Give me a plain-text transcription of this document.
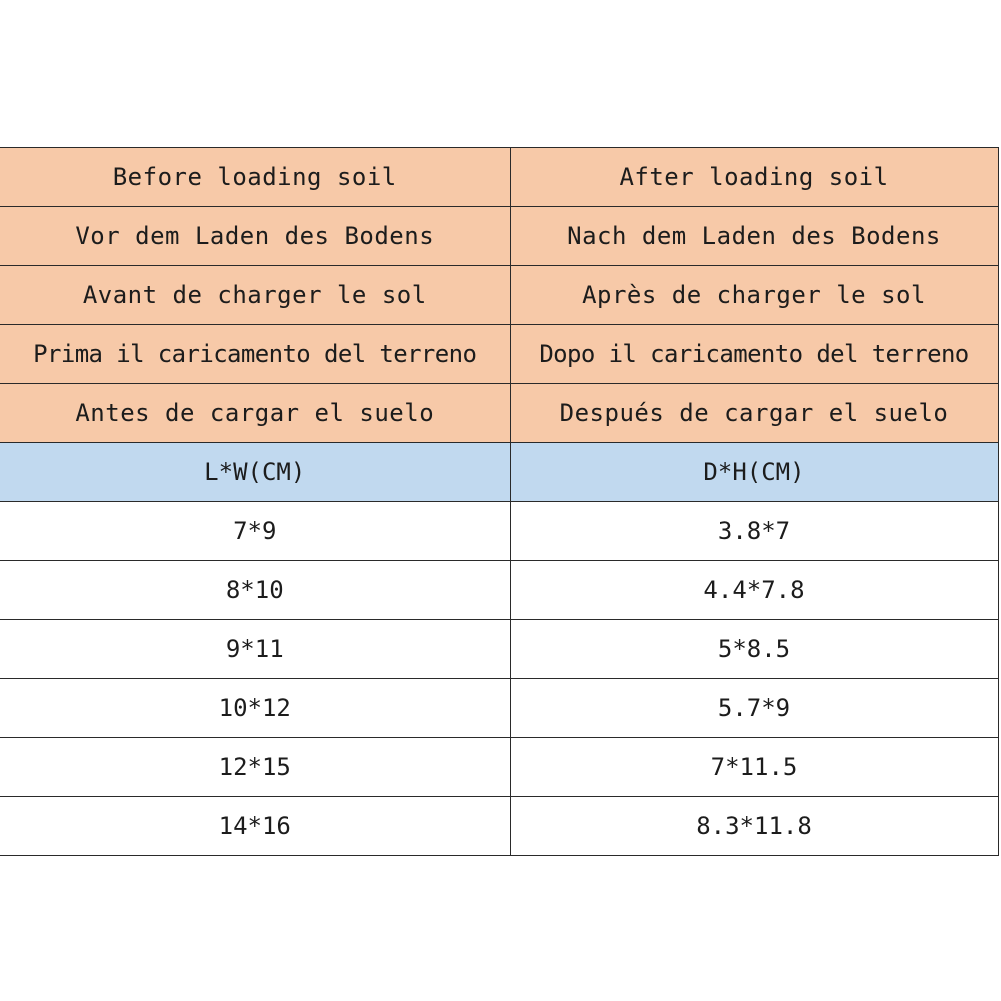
Before loading soil	After loading soil
Vor dem Laden des Bodens	Nach dem Laden des Bodens
Avant de charger le sol	Après de charger le sol
Prima il caricamento del terreno	Dopo il caricamento del terreno
Antes de cargar el suelo	Después de cargar el suelo
L*W(CM)	D*H(CM)
7*9	3.8*7
8*10	4.4*7.8
9*11	5*8.5
10*12	5.7*9
12*15	7*11.5
14*16	8.3*11.8
